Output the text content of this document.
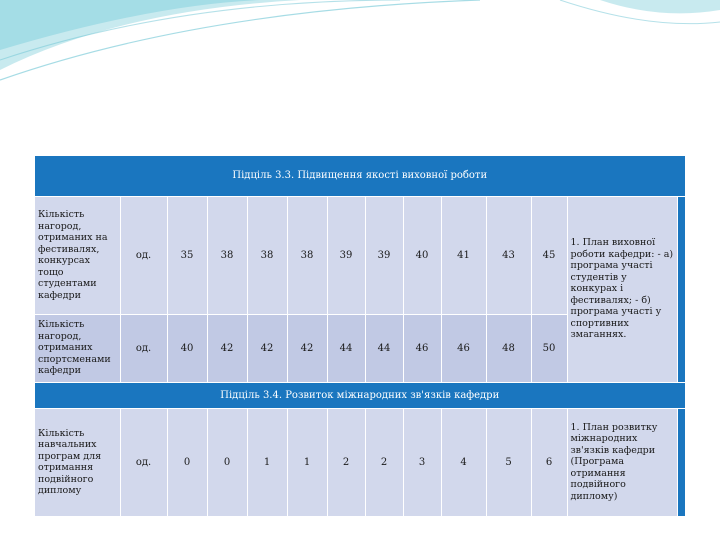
Підціль 3.3. Підвищення якості виховної роботи													
Кількість нагород, отриманих на фестивалях, конкурсах тощо студентами кафедри	од.	35	38	38	38	39	39	40	41	43	45	1. План виховної роботи кафедри: - а) програма участі студентів у конкурах і фестивалях; - б) програма участі у спортивних змаганнях.	
Кількість нагород, отриманих спортсменами кафедри	од.	40	42	42	42	44	44	46	46	48	50		
Підціль 3.4. Розвиток міжнародних зв'язків кафедри													
Кількість навчальних програм для отримання подвійного диплому	од.	0	0	1	1	2	2	3	4	5	6	1. План розвитку міжнародних зв'язків кафедри (Програма отримання подвійного диплому)	
